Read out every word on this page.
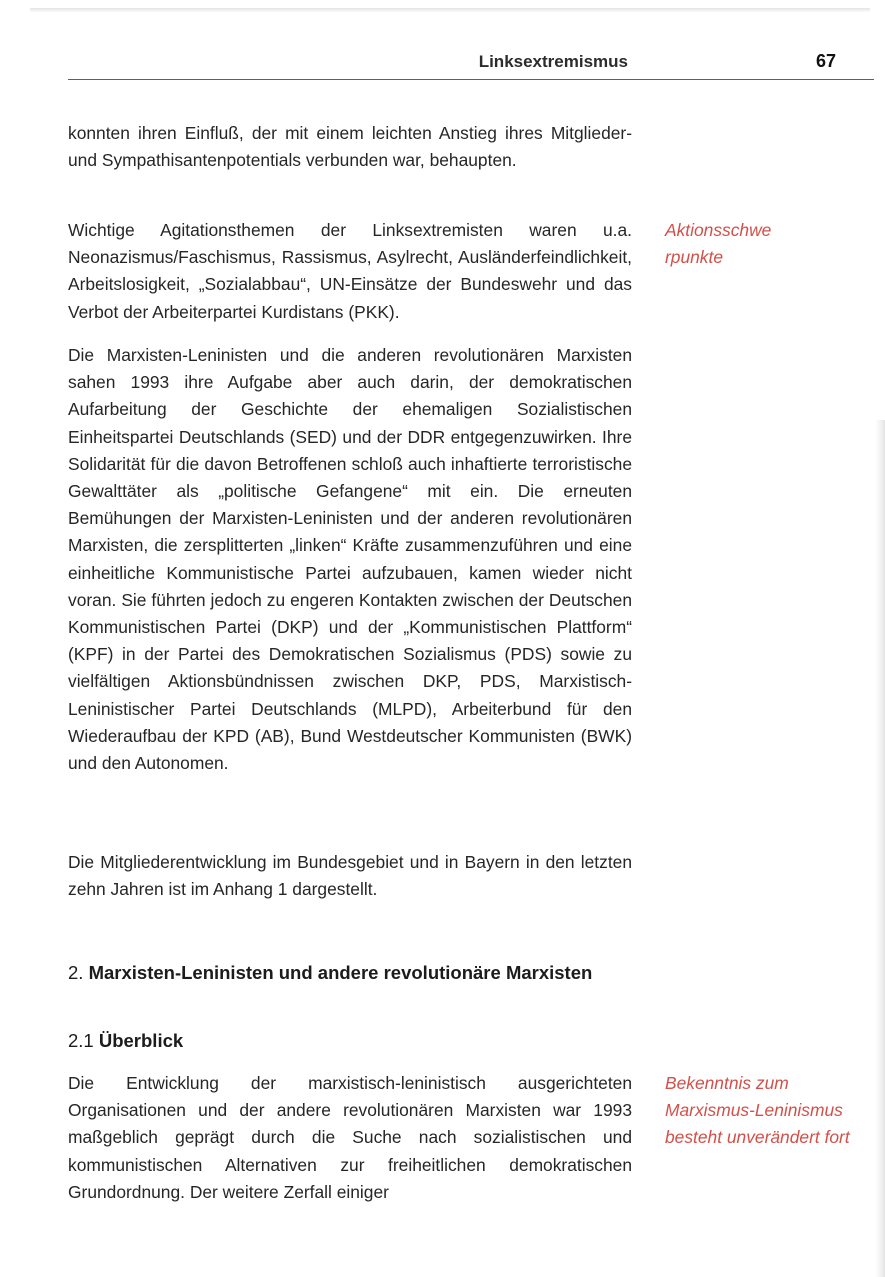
Linksextremismus	67

konnten ihren Einfluß, der mit einem leichten Anstieg ihres Mitglieder- und Sympathisantenpotentials verbunden war, behaupten.

Wichtige Agitationsthemen der Linksextremisten waren u.a. Neonazismus/Faschismus, Rassismus, Asylrecht, Ausländerfeindlichkeit, Arbeitslosigkeit, „Sozialabbau“, UN-Einsätze der Bundeswehr und das Verbot der Arbeiterpartei Kurdistans (PKK).

Aktionsschwerpunkte

Die Marxisten-Leninisten und die anderen revolutionären Marxisten sahen 1993 ihre Aufgabe aber auch darin, der demokratischen Aufarbeitung der Geschichte der ehemaligen Sozialistischen Einheitspartei Deutschlands (SED) und der DDR entgegenzuwirken. Ihre Solidarität für die davon Betroffenen schloß auch inhaftierte terroristische Gewalttäter als „politische Gefangene“ mit ein. Die erneuten Bemühungen der Marxisten-Leninisten und der anderen revolutionären Marxisten, die zersplitterten „linken“ Kräfte zusammenzuführen und eine einheitliche Kommunistische Partei aufzubauen, kamen wieder nicht voran. Sie führten jedoch zu engeren Kontakten zwischen der Deutschen Kommunistischen Partei (DKP) und der „Kommunistischen Plattform“ (KPF) in der Partei des Demokratischen Sozialismus (PDS) sowie zu vielfältigen Aktionsbündnissen zwischen DKP, PDS, Marxistisch-Leninistischer Partei Deutschlands (MLPD), Arbeiterbund für den Wiederaufbau der KPD (AB), Bund Westdeutscher Kommunisten (BWK) und den Autonomen.

Die Mitgliederentwicklung im Bundesgebiet und in Bayern in den letzten zehn Jahren ist im Anhang 1 dargestellt.

2. Marxisten-Leninisten und andere revolutionäre Marxisten
2.1 Überblick

Die Entwicklung der marxistisch-leninistisch ausgerichteten Organisationen und der andere revolutionären Marxisten war 1993 maßgeblich geprägt durch die Suche nach sozialistischen und kommunistischen Alternativen zur freiheitlichen demokratischen Grundordnung. Der weitere Zerfall einiger

Bekenntnis zum Marxismus-Leninismus besteht unverändert fort
